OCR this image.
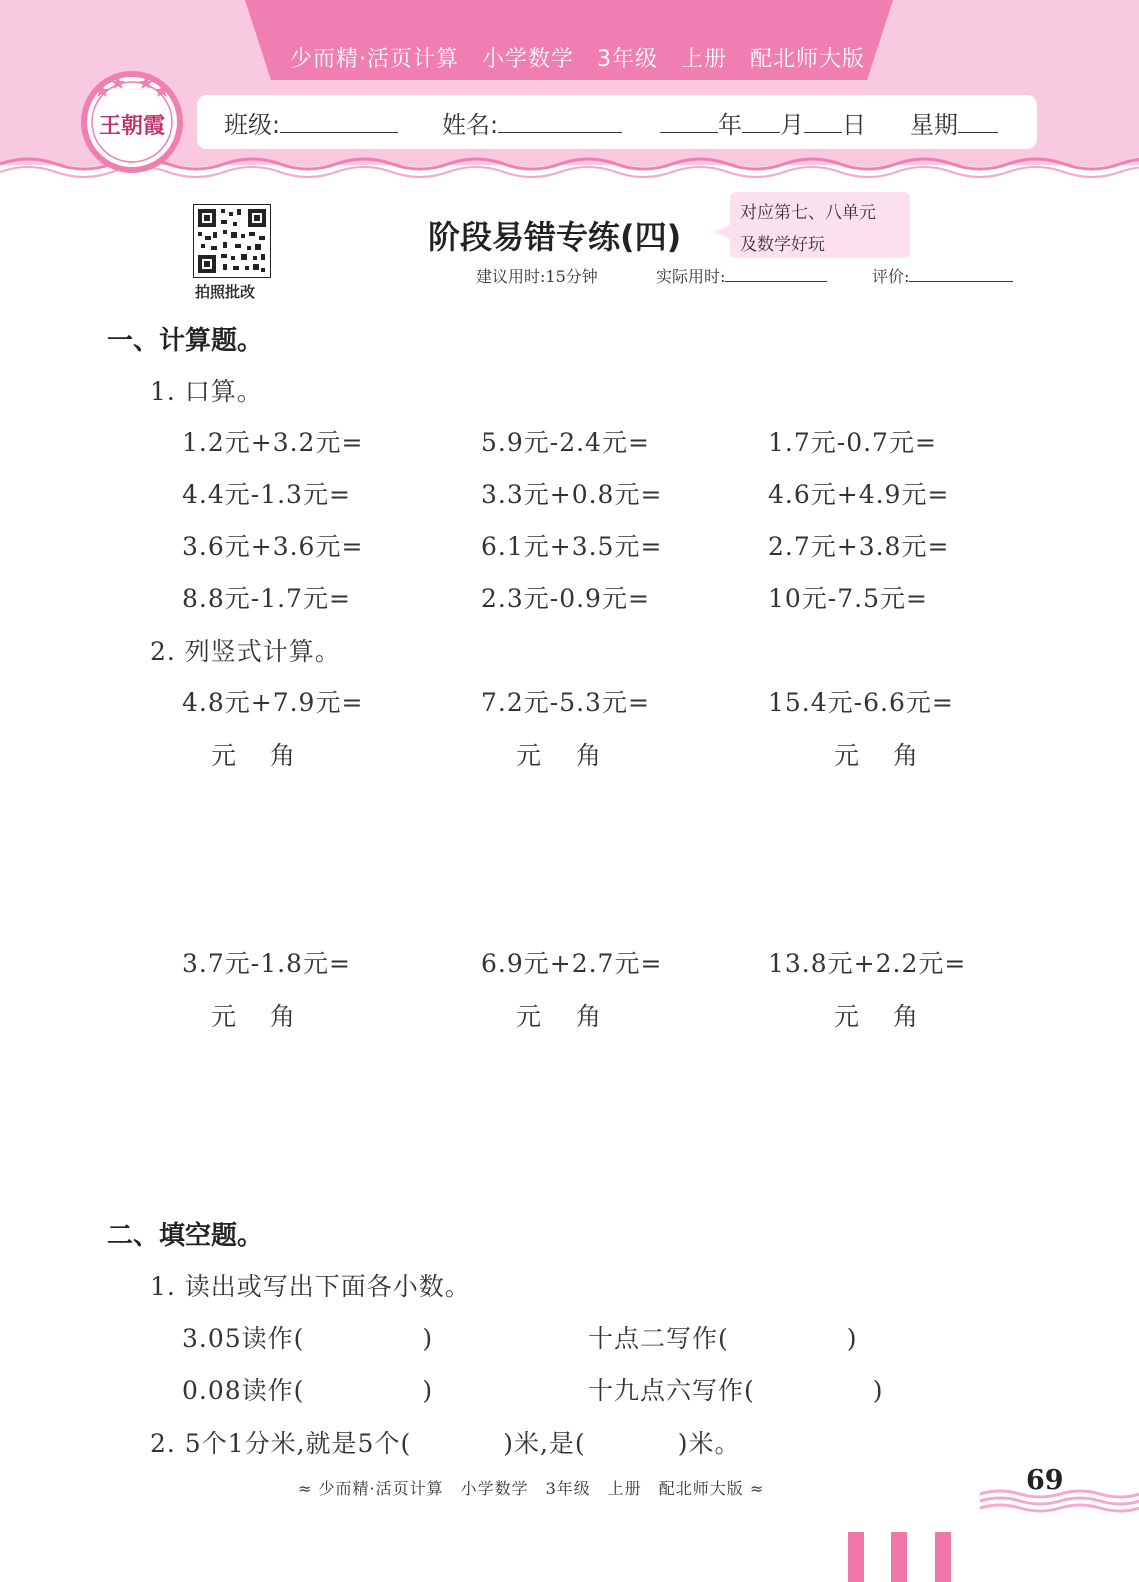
少而精·活页计算　小学数学　3年级　上册　配北师大版
王朝霞 班级:	姓名:	年 月 日 星期
拍照批改
阶段易错专练(四)
对应第七、八单元
及数学好玩
建议用时:15分钟	实际用时:	评价:
一、计算题。
1. 口算。
1.2元+3.2元=	5.9元-2.4元=	1.7元-0.7元=
4.4元-1.3元=	3.3元+0.8元=	4.6元+4.9元=
3.6元+3.6元=	6.1元+3.5元=	2.7元+3.8元=
8.8元-1.7元=	2.3元-0.9元=	10元-7.5元=
2. 列竖式计算。
4.8元+7.9元=	7.2元-5.3元=	15.4元-6.6元=
元 角	元 角	元 角
3.7元-1.8元=	6.9元+2.7元=	13.8元+2.2元=
元 角	元 角	元 角
二、填空题。
1. 读出或写出下面各小数。
3.05读作(	)	十点二写作(	)
0.08读作(	)	十九点六写作(	)
2. 5个1分米,就是5个(	)米,是(	)米。
≈ 少而精·活页计算　小学数学　3年级　上册　配北师大版 ≈	69
